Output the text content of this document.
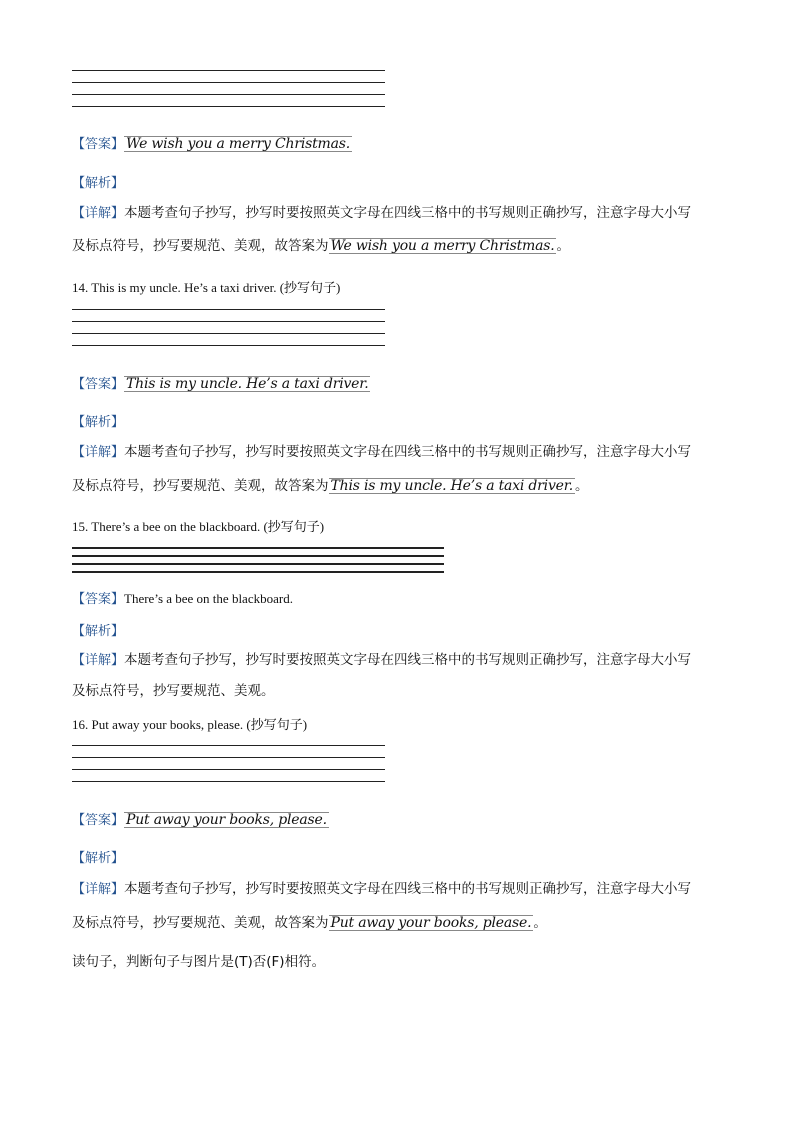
【答案】 We wish you a merry Christmas.
【解析】
【详解】本题考查句子抄写，抄写时要按照英文字母在四线三格中的书写规则正确抄写，注意字母大小写
及标点符号，抄写要规范、美观，故答案为 We wish you a merry Christmas. 。
14. This is my uncle. He’s a taxi driver. (抄写句子)
【答案】 This is my uncle. He’s a taxi driver.
【解析】
【详解】本题考查句子抄写，抄写时要按照英文字母在四线三格中的书写规则正确抄写，注意字母大小写
及标点符号，抄写要规范、美观，故答案为 This is my uncle. He’s a taxi driver. 。
15. There’s a bee on the blackboard. (抄写句子)
【答案】There’s a bee on the blackboard.
【解析】
【详解】本题考查句子抄写，抄写时要按照英文字母在四线三格中的书写规则正确抄写，注意字母大小写
及标点符号，抄写要规范、美观。
16. Put away your books, please. (抄写句子)
【答案】 Put away your books, please.
【解析】
【详解】本题考查句子抄写，抄写时要按照英文字母在四线三格中的书写规则正确抄写，注意字母大小写
及标点符号，抄写要规范、美观，故答案为 Put away your books, please. 。
读句子，判断句子与图片是(T)否(F)相符。
